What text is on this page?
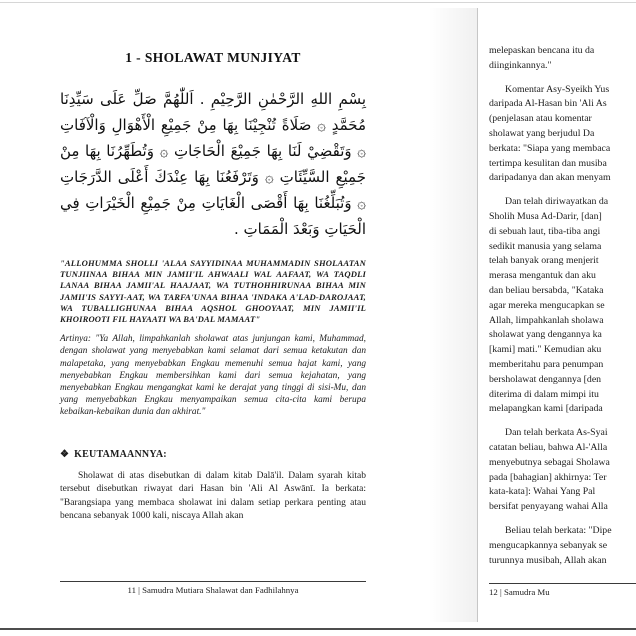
1 - SHOLAWAT MUNJIYAT
بِسْمِ اللهِ الرَّحْمٰنِ الرَّحِيْمِ . اَللّٰهُمَّ صَلِّ عَلَى سَيِّدِنَا مُحَمَّدٍ ۞ صَلَاةً تُنْجِيْنَا بِهَا مِنْ جَمِيْعِ الْأَهْوَالِ وَالْآفَاتِ ۞ وَتَقْضِيْ لَنَا بِهَا جَمِيْعَ الْحَاجَاتِ ۞ وَتُطَهِّرُنَا بِهَا مِنْ جَمِيْعِ السَّيِّئَاتِ ۞ وَتَرْفَعُنَا بِهَا عِنْدَكَ أَعْلَى الدَّرَجَاتِ ۞ وَتُبَلِّغُنَا بِهَا أَقْصَى الْغَايَاتِ مِنْ جَمِيْعِ الْخَيْرَاتِ فِي الْحَيَاتِ وَبَعْدَ الْمَمَاتِ .

"ALLOHUMMA SHOLLI 'ALAA SAYYIDINAA MUHAMMADIN SHOLAATAN TUNJIINAA BIHAA MIN JAMII'IL AHWAALI WAL AAFAAT, WA TAQDLI LANAA BIHAA JAMII'AL HAAJAAT, WA TUTHOHHIRUNAA BIHAA MIN JAMII'IS SAYYI-AAT, WA TARFA'UNAA BIHAA 'INDAKA A'LAD-DAROJAAT, WA TUBALLIGHUNAA BIHAA AQSHOL GHOOYAAT, MIN JAMII'IL KHOIROOTI FIL HAYAATI WA BA'DAL MAMAAT"

Artinya: "Ya Allah, limpahkanlah sholawat atas junjungan kami, Muhammad, dengan sholawat yang menyebabkan kami selamat dari semua ketakutan dan malapetaka, yang menyebabkan Engkau memenuhi semua hajat kami, yang menyebabkan Engkau membersihkan kami dari semua kejahatan, yang menyebabkan Engkau mengangkat kami ke derajat yang tinggi di sisi-Mu, dan yang menyebabkan Engkau menyampaikan semua cita-cita kami berupa kebaikan-kebaikan dunia dan akhirat."

❖ KEUTAMAANNYA:

Sholawat di atas disebutkan di dalam kitab Dalā'il. Dalam syarah kitab tersebut disebutkan riwayat dari Hasan bin 'Ali Al Aswānī. Ia berkata: "Barangsiapa yang membaca sholawat ini dalam setiap perkara penting atau bencana sebanyak 1000 kali, niscaya Allah akan

11 | Samudra Mutiara Shalawat dan Fadhilahnya
melepaskan bencana itu da
diinginkannya."
Komentar Asy-Syeikh Yus
daripada Al-Hasan bin 'Ali As
(penjelasan atau komentar
sholawat yang berjudul Da
berkata: "Siapa yang membaca
tertimpa kesulitan dan musiba
daripadanya dan akan menyam
Dan telah diriwayatkan da
Sholih Musa Ad-Darir, [dan]
di sebuah laut, tiba-tiba angi
sedikit manusia yang selama
telah banyak orang menjerit
merasa mengantuk dan aku
dan beliau bersabda, "Kataka
agar mereka mengucapkan se
Allah, limpahkanlah sholawa
sholawat yang dengannya ka
[kami] mati." Kemudian aku
memberitahu para penumpan
bersholawat dengannya [den
diterima di dalam mimpi itu
melapangkan kami [daripada
Dan telah berkata As-Syai
catatan beliau, bahwa Al-'Alla
menyebutnya sebagai Sholawa
pada [bahagian] akhirnya: Ter
kata-kata]: Wahai Yang Pal
bersifat penyayang wahai Alla
Beliau telah berkata: "Dipe
mengucapkannya sebanyak se
turunnya musibah, Allah akan
12 | Samudra Mu
